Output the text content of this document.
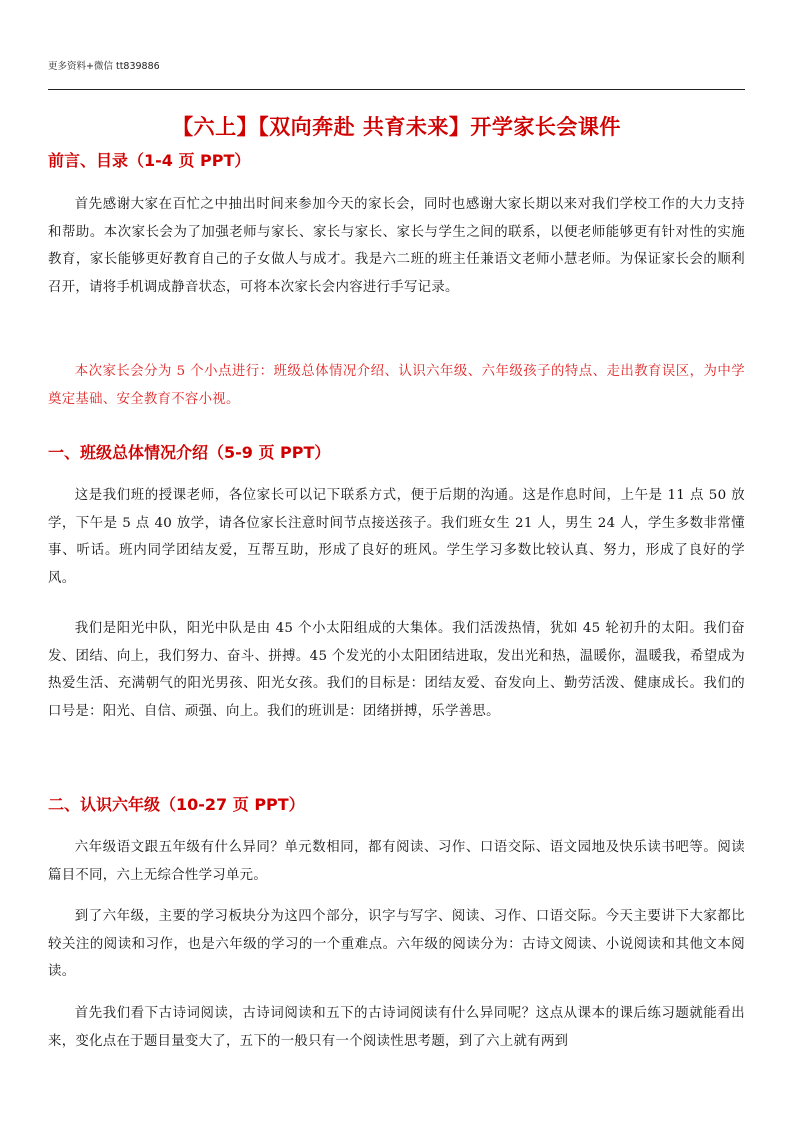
更多资料+微信 tt839886
【六上】【双向奔赴 共育未来】开学家长会课件
前言、目录（1-4 页 PPT）

首先感谢大家在百忙之中抽出时间来参加今天的家长会，同时也感谢大家长期以来对我们学校工作的大力支持和帮助。本次家长会为了加强老师与家长、家长与家长、家长与学生之间的联系，以便老师能够更有针对性的实施教育，家长能够更好教育自己的子女做人与成才。我是六二班的班主任兼语文老师小慧老师。为保证家长会的顺利召开，请将手机调成静音状态，可将本次家长会内容进行手写记录。

本次家长会分为 5 个小点进行：班级总体情况介绍、认识六年级、六年级孩子的特点、走出教育误区，为中学奠定基础、安全教育不容小视。

一、班级总体情况介绍（5-9 页 PPT）

这是我们班的授课老师，各位家长可以记下联系方式，便于后期的沟通。这是作息时间，上午是 11 点 50 放学，下午是 5 点 40 放学，请各位家长注意时间节点接送孩子。我们班女生 21 人，男生 24 人，学生多数非常懂事、听话。班内同学团结友爱，互帮互助，形成了良好的班风。学生学习多数比较认真、努力，形成了良好的学风。

我们是阳光中队，阳光中队是由 45 个小太阳组成的大集体。我们活泼热情，犹如 45 轮初升的太阳。我们奋发、团结、向上，我们努力、奋斗、拼搏。45 个发光的小太阳团结进取，发出光和热，温暖你，温暖我，希望成为热爱生活、充满朝气的阳光男孩、阳光女孩。我们的目标是：团结友爱、奋发向上、勤劳活泼、健康成长。我们的口号是：阳光、自信、顽强、向上。我们的班训是：团绪拼搏，乐学善思。

二、认识六年级（10-27 页 PPT）

六年级语文跟五年级有什么异同？单元数相同，都有阅读、习作、口语交际、语文园地及快乐读书吧等。阅读篇目不同，六上无综合性学习单元。

到了六年级，主要的学习板块分为这四个部分，识字与写字、阅读、习作、口语交际。今天主要讲下大家都比较关注的阅读和习作，也是六年级的学习的一个重难点。六年级的阅读分为：古诗文阅读、小说阅读和其他文本阅读。

首先我们看下古诗词阅读，古诗词阅读和五下的古诗词阅读有什么异同呢？这点从课本的课后练习题就能看出来，变化点在于题目量变大了，五下的一般只有一个阅读性思考题，到了六上就有两到
